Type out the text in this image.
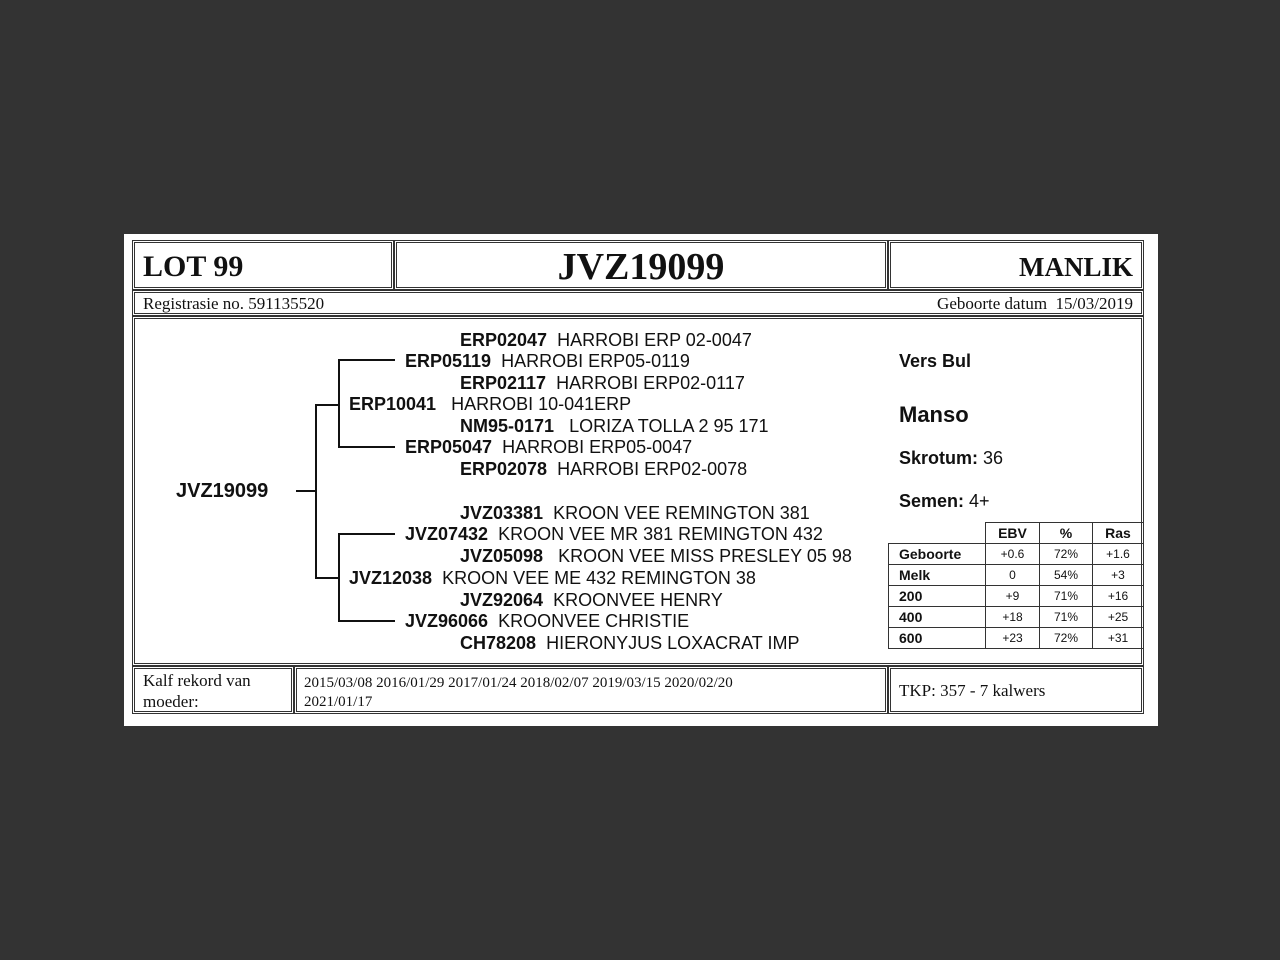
LOT 99	JVZ19099	MANLIK
Registrasie no. 591135520	Geboorte datum 15/03/2019
JVZ19099
ERP02047 HARROBI ERP 02-0047
ERP05119 HARROBI ERP05-0119
ERP02117 HARROBI ERP02-0117
ERP10041 HARROBI 10-041ERP
NM95-0171 LORIZA TOLLA 2 95 171
ERP05047 HARROBI ERP05-0047
ERP02078 HARROBI ERP02-0078
JVZ03381 KROON VEE REMINGTON 381
JVZ07432 KROON VEE MR 381 REMINGTON 432
JVZ05098 KROON VEE MISS PRESLEY 05 98
JVZ12038 KROON VEE ME 432 REMINGTON 38
JVZ92064 KROONVEE HENRY
JVZ96066 KROONVEE CHRISTIE
CH78208 HIERONYJUS LOXACRAT IMP
Vers Bul
Manso
Skrotum: 36
Semen: 4+
	EBV	%	Ras
Geboorte	+0.6	72%	+1.6
Melk	0	54%	+3
200	+9	71%	+16
400	+18	71%	+25
600	+23	72%	+31
Kalf rekord van
moeder:
2015/03/08 2016/01/29 2017/01/24 2018/02/07 2019/03/15 2020/02/20
2021/01/17
TKP: 357 - 7 kalwers
